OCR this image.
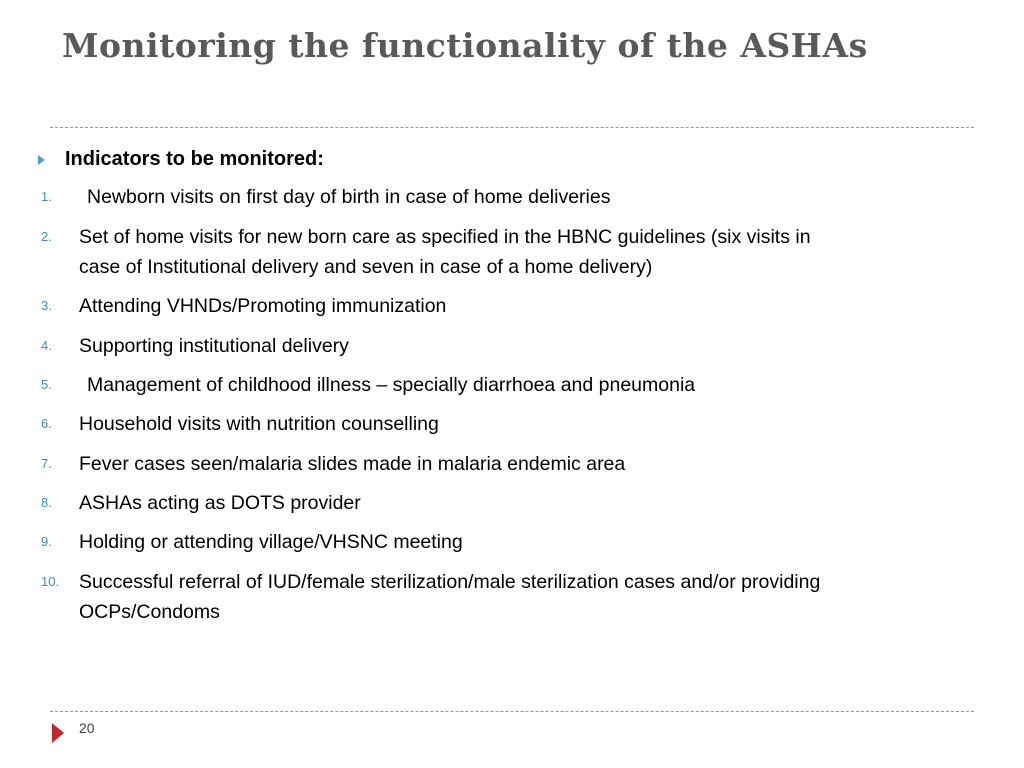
Monitoring the functionality of the ASHAs
Indicators to be monitored:
1. Newborn visits on first day of birth in case of home deliveries
2. Set of home visits for new born care as specified in the HBNC guidelines (six visits in
case of Institutional delivery and seven in case of a home delivery)
3. Attending VHNDs/Promoting immunization
4. Supporting institutional delivery
5. Management of childhood illness – specially diarrhoea and pneumonia
6. Household visits with nutrition counselling
7. Fever cases seen/malaria slides made in malaria endemic area
8. ASHAs acting as DOTS provider
9. Holding or attending village/VHSNC meeting
10. Successful referral of IUD/female sterilization/male sterilization cases and/or providing
OCPs/Condoms
20
